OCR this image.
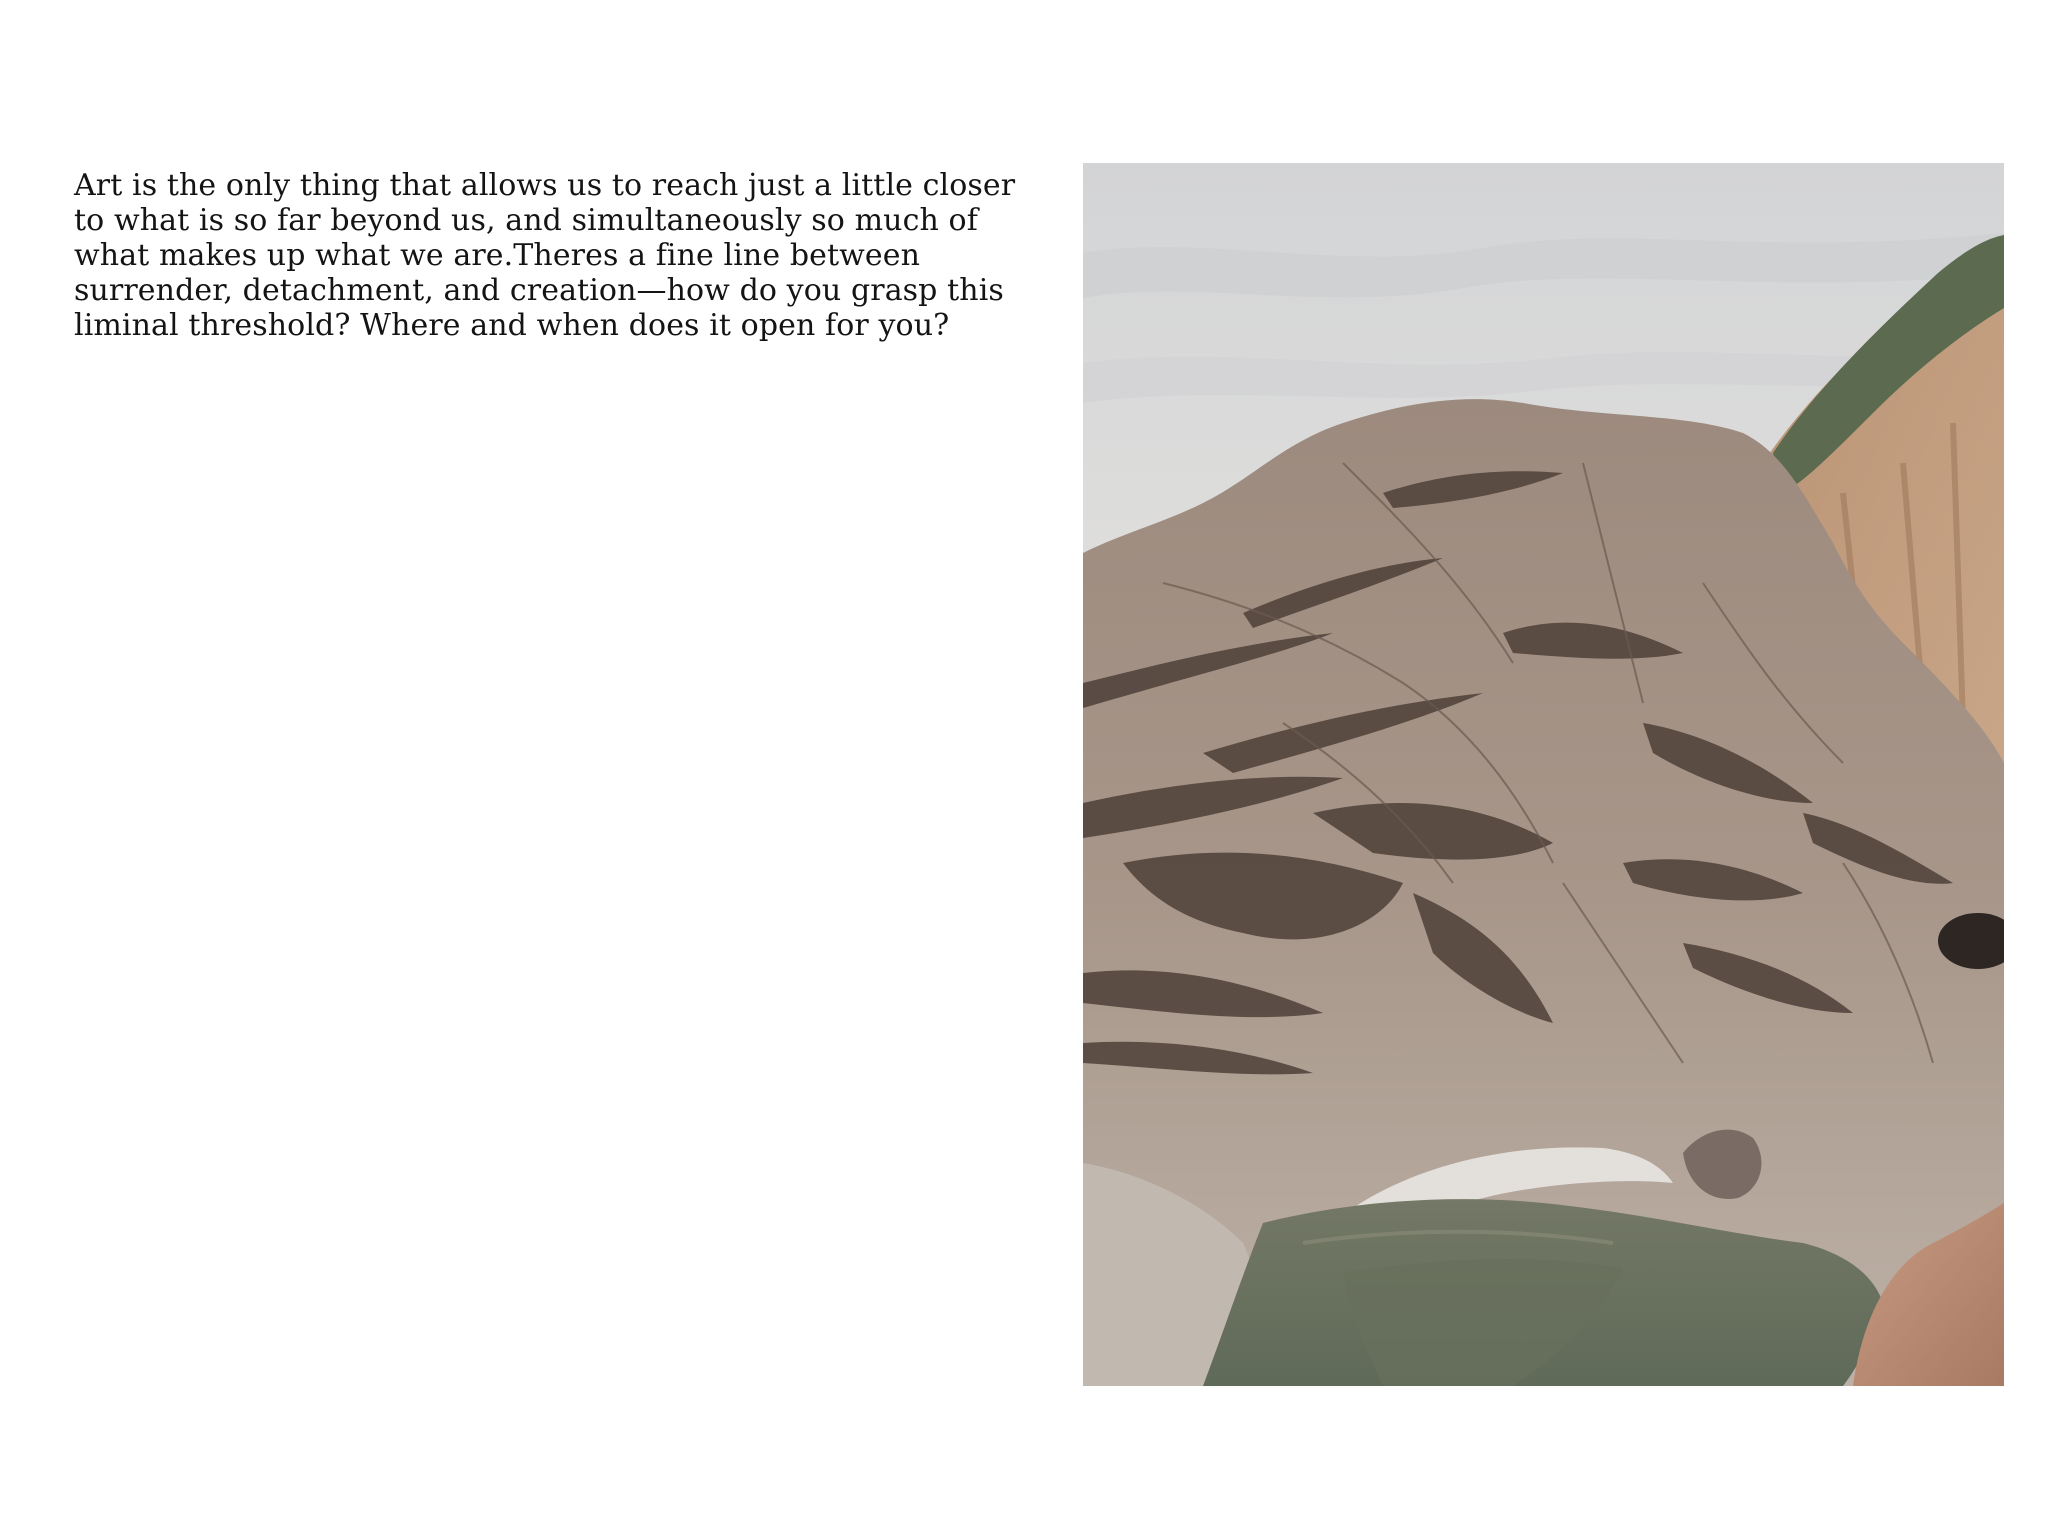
Art is the only thing that allows us to reach just a little closer to what is so far beyond us, and simultaneously so much of what makes up what we are.Theres a fine line between surrender, detachment, and creation—how do you grasp this liminal threshold? Where and when does it open for you?
